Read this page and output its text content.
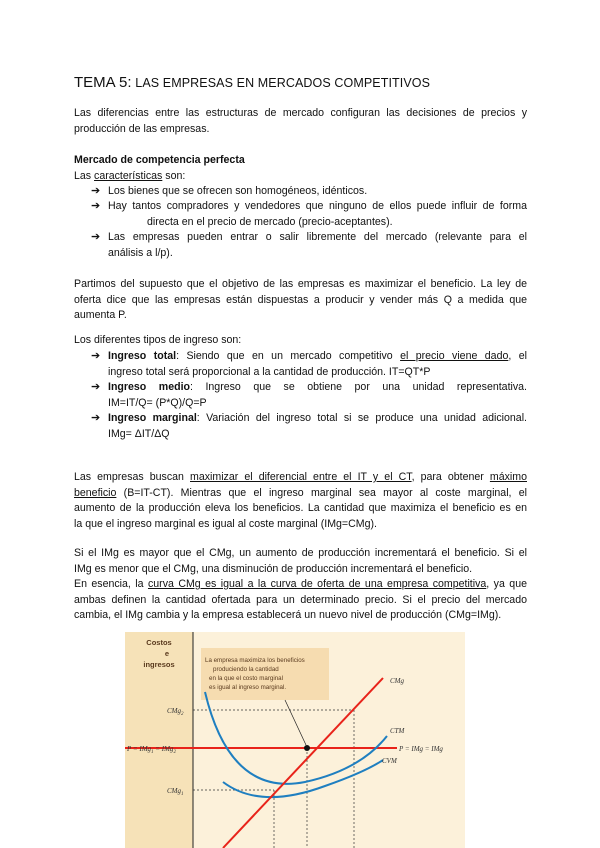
TEMA 5: LAS EMPRESAS EN MERCADOS COMPETITIVOS

Las diferencias entre las estructuras de mercado configuran las decisiones de precios y producción de las empresas.

Mercado de competencia perfecta

Las características son:

➔ Los bienes que se ofrecen son homogéneos, idénticos.
➔ Hay tantos compradores y vendedores que ninguno de ellos puede influir de forma
directa en el precio de mercado (precio-aceptantes).
➔ Las empresas pueden entrar o salir libremente del mercado (relevante para el
análisis a l/p).

Partimos del supuesto que el objetivo de las empresas es maximizar el beneficio. La ley de oferta dice que las empresas están dispuestas a producir y vender más Q a medida que aumenta P.

Los diferentes tipos de ingreso son:

➔ Ingreso total: Siendo que en un mercado competitivo el precio viene dado, el
ingreso total será proporcional a la cantidad de producción. IT=QT*P
➔ Ingreso medio: Ingreso que se obtiene por una unidad representativa.
IM=IT/Q= (P*Q)/Q=P
➔ Ingreso marginal: Variación del ingreso total si se produce una unidad adicional.
IMg= ΔIT/ΔQ

Las empresas buscan maximizar el diferencial entre el IT y el CT, para obtener máximo

beneficio (B=IT-CT). Mientras que el ingreso marginal sea mayor al coste marginal, el

aumento de la producción eleva los beneficios. La cantidad que maximiza el beneficio es en

la que el ingreso marginal es igual al coste marginal (IMg=CMg).

Si el IMg es mayor que el CMg, un aumento de producción incrementará el beneficio. Si el

IMg es menor que el CMg, una disminución de producción incrementará el beneficio.

En esencia, la curva CMg es igual a la curva de oferta de una empresa competitiva, ya que

ambas definen la cantidad ofertada para un determinado precio. Si el precio del mercado

cambia, el IMg cambia y la empresa establecerá un nuevo nivel de producción (CMg=IMg).

Costos
e
ingresos	La empresa maximiza los beneficios
produciendo la cantidad
en la que el costo marginal
es igual al ingreso marginal.
CMg$_2$
P = IMg$_1$ = IMg$_2$
CMg$_1$
CMg
CTM
P = IMg = IMg
CVM
